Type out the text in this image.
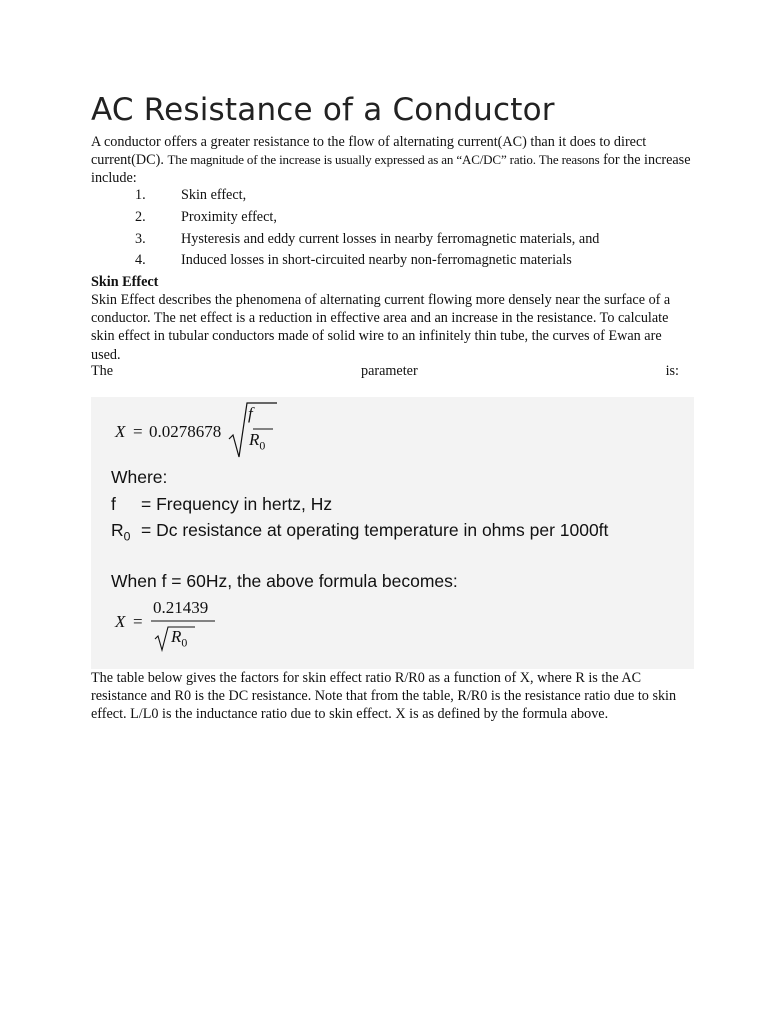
AC Resistance of a Conductor

A conductor offers a greater resistance to the flow of alternating current(AC) than it does to direct current(DC). The magnitude of the increase is usually expressed as an “AC/DC” ratio. The reasons for the increase include:

1. Skin effect,
2. Proximity effect,
3. Hysteresis and eddy current losses in nearby ferromagnetic materials, and
4. Induced losses in short-circuited nearby non-ferromagnetic materials
Skin Effect

Skin Effect describes the phenomena of alternating current flowing more densely near the surface of a conductor. The net effect is a reduction in effective area and an increase in the resistance. To calculate skin effect in tubular conductors made of solid wire to an infinitely thin tube, the curves of Ewan are used.

The	parameter	is:
X = 0.0278678
f
$R_0$
Where:
f = Frequency in hertz, Hz
$R_0 = Dc$ resistance at operating temperature in ohms per 1000ft
When f = 60Hz, the above formula becomes:
X =
0.21439
$R_0$

The table below gives the factors for skin effect ratio R/R0 as a function of X, where R is the AC resistance and R0 is the DC resistance. Note that from the table, R/R0 is the resistance ratio due to skin effect. L/L0 is the inductance ratio due to skin effect. X is as defined by the formula above.
